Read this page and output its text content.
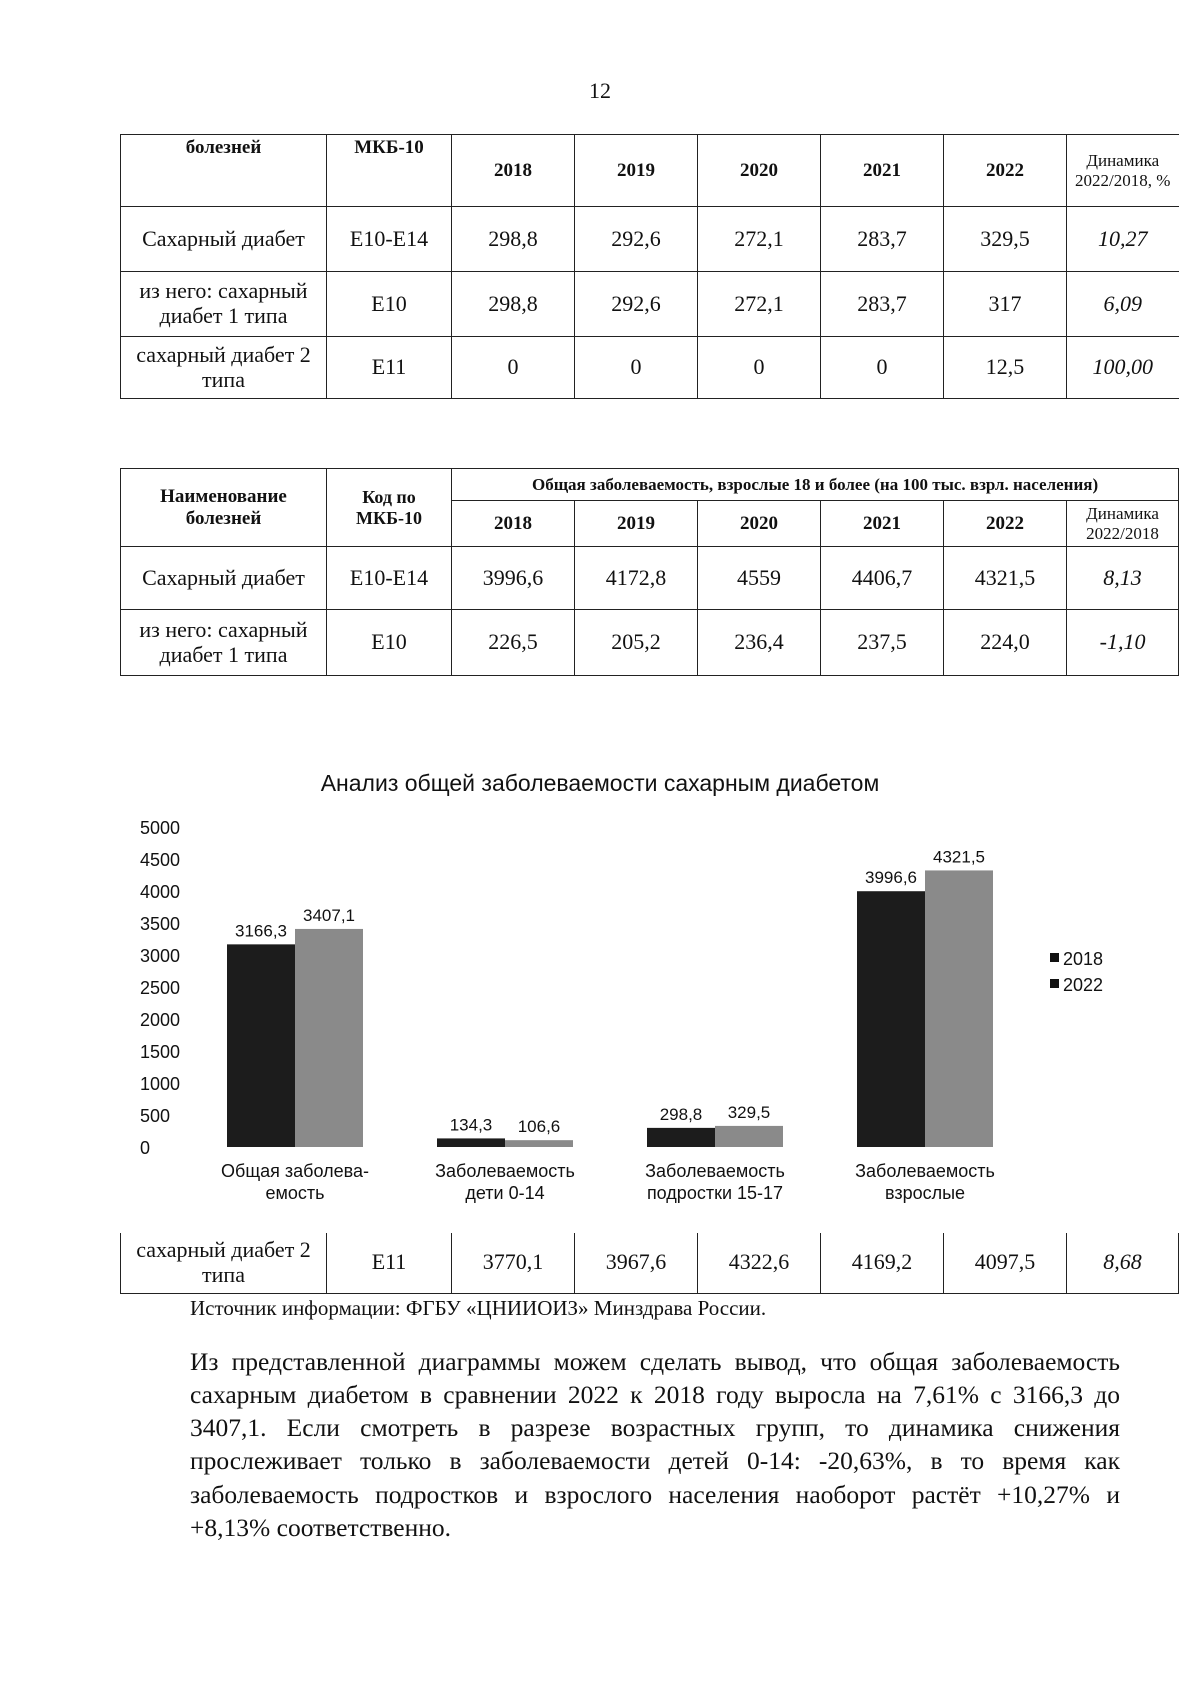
12
болезней	МКБ-10	2018	2019	2020	2021	2022	Динамика 2022/2018, %
Сахарный диабет	Е10-Е14	298,8	292,6	272,1	283,7	329,5	10,27
из него: сахарный диабет 1 типа	Е10	298,8	292,6	272,1	283,7	317	6,09
сахарный диабет 2 типа	Е11	0	0	0	0	12,5	100,00
Наименование болезней	Код по МКБ-10	Общая заболеваемость, взрослые 18 и более (на 100 тыс. взрл. населения)					
		2018	2019	2020	2021	2022	Динамика 2022/2018
Сахарный диабет	Е10-Е14	3996,6	4172,8	4559	4406,7	4321,5	8,13
из него: сахарный диабет 1 типа	Е10	226,5	205,2	236,4	237,5	224,0	-1,10
Анализ общей заболеваемости сахарным диабетом
0
500
1000
1500
2000
2500
3000
3500
4000
4500
5000
3166,3
134,3
298,8
3996,6
3407,1
106,6
329,5
4321,5
Общая заболева-
емость
Заболеваемость
дети 0-14
Заболеваемость
подростки 15-17
Заболеваемость
взрослые
2018
2022
сахарный диабет 2 типа	Е11	3770,1	3967,6	4322,6	4169,2	4097,5	8,68
Источник информации: ФГБУ «ЦНИИОИЗ» Минздрава России.
Из представленной диаграммы можем сделать вывод, что общая заболеваемость сахарным диабетом в сравнении 2022 к 2018 году выросла на 7,61% с 3166,3 до 3407,1. Если смотреть в разрезе возрастных групп, то динамика снижения прослеживает только в заболеваемости детей 0-14: -20,63%, в то время как заболеваемость подростков и взрослого населения наоборот растёт +10,27% и +8,13% соответственно.
